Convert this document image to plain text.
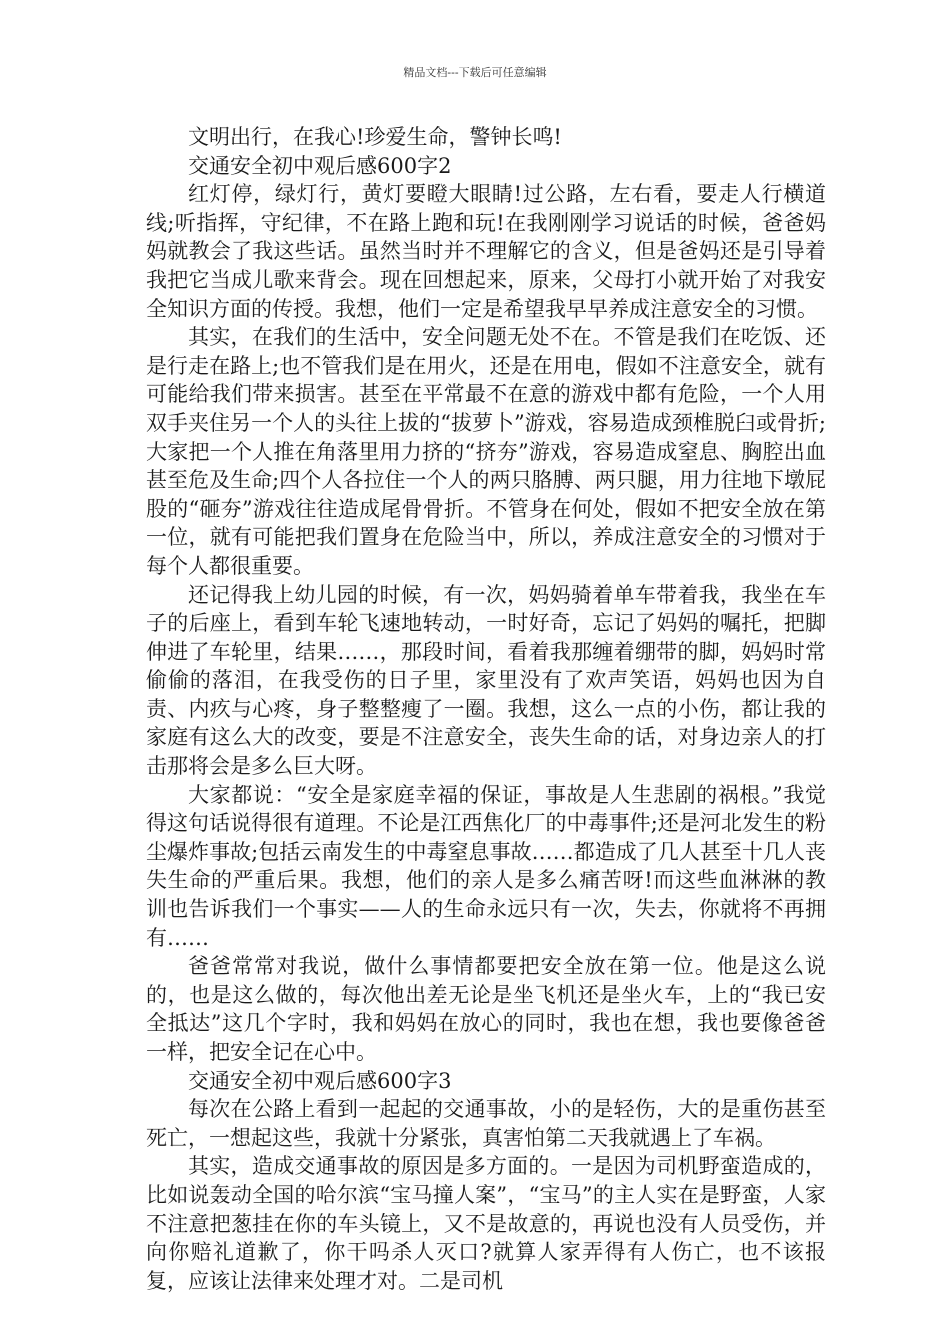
精品文档---下载后可任意编辑

文明出行，在我心!珍爱生命，警钟长鸣!

交通安全初中观后感600字2

红灯停，绿灯行，黄灯要瞪大眼睛!过公路，左右看，要走人行横道线;听指挥，守纪律，不在路上跑和玩!在我刚刚学习说话的时候，爸爸妈妈就教会了我这些话。虽然当时并不理解它的含义，但是爸妈还是引导着我把它当成儿歌来背会。现在回想起来，原来，父母打小就开始了对我安全知识方面的传授。我想，他们一定是希望我早早养成注意安全的习惯。

其实，在我们的生活中，安全问题无处不在。不管是我们在吃饭、还是行走在路上;也不管我们是在用火，还是在用电，假如不注意安全，就有可能给我们带来损害。甚至在平常最不在意的游戏中都有危险，一个人用双手夹住另一个人的头往上拔的“拔萝卜”游戏，容易造成颈椎脱臼或骨折;大家把一个人推在角落里用力挤的“挤夯”游戏，容易造成窒息、胸腔出血甚至危及生命;四个人各拉住一个人的两只胳膊、两只腿，用力往地下墩屁股的“砸夯”游戏往往造成尾骨骨折。不管身在何处，假如不把安全放在第一位，就有可能把我们置身在危险当中，所以，养成注意安全的习惯对于每个人都很重要。

还记得我上幼儿园的时候，有一次，妈妈骑着单车带着我，我坐在车子的后座上，看到车轮飞速地转动，一时好奇，忘记了妈妈的嘱托，把脚伸进了车轮里，结果……，那段时间，看着我那缠着绷带的脚，妈妈时常偷偷的落泪，在我受伤的日子里，家里没有了欢声笑语，妈妈也因为自责、内疚与心疼，身子整整瘦了一圈。我想，这么一点的小伤，都让我的家庭有这么大的改变，要是不注意安全，丧失生命的话，对身边亲人的打击那将会是多么巨大呀。

大家都说：“安全是家庭幸福的保证，事故是人生悲剧的祸根。”我觉得这句话说得很有道理。不论是江西焦化厂的中毒事件;还是河北发生的粉尘爆炸事故;包括云南发生的中毒窒息事故……都造成了几人甚至十几人丧失生命的严重后果。我想，他们的亲人是多么痛苦呀!而这些血淋淋的教训也告诉我们一个事实——人的生命永远只有一次，失去，你就将不再拥有……

爸爸常常对我说，做什么事情都要把安全放在第一位。他是这么说的，也是这么做的，每次他出差无论是坐飞机还是坐火车，上的“我已安全抵达”这几个字时，我和妈妈在放心的同时，我也在想，我也要像爸爸一样，把安全记在心中。

交通安全初中观后感600字3

每次在公路上看到一起起的交通事故，小的是轻伤，大的是重伤甚至死亡，一想起这些，我就十分紧张，真害怕第二天我就遇上了车祸。

其实，造成交通事故的原因是多方面的。一是因为司机野蛮造成的，比如说轰动全国的哈尔滨“宝马撞人案”，“宝马”的主人实在是野蛮，人家不注意把葱挂在你的车头镜上，又不是故意的，再说也没有人员受伤，并向你赔礼道歉了，你干吗杀人灭口?就算人家弄得有人伤亡，也不该报复，应该让法律来处理才对。二是司机
